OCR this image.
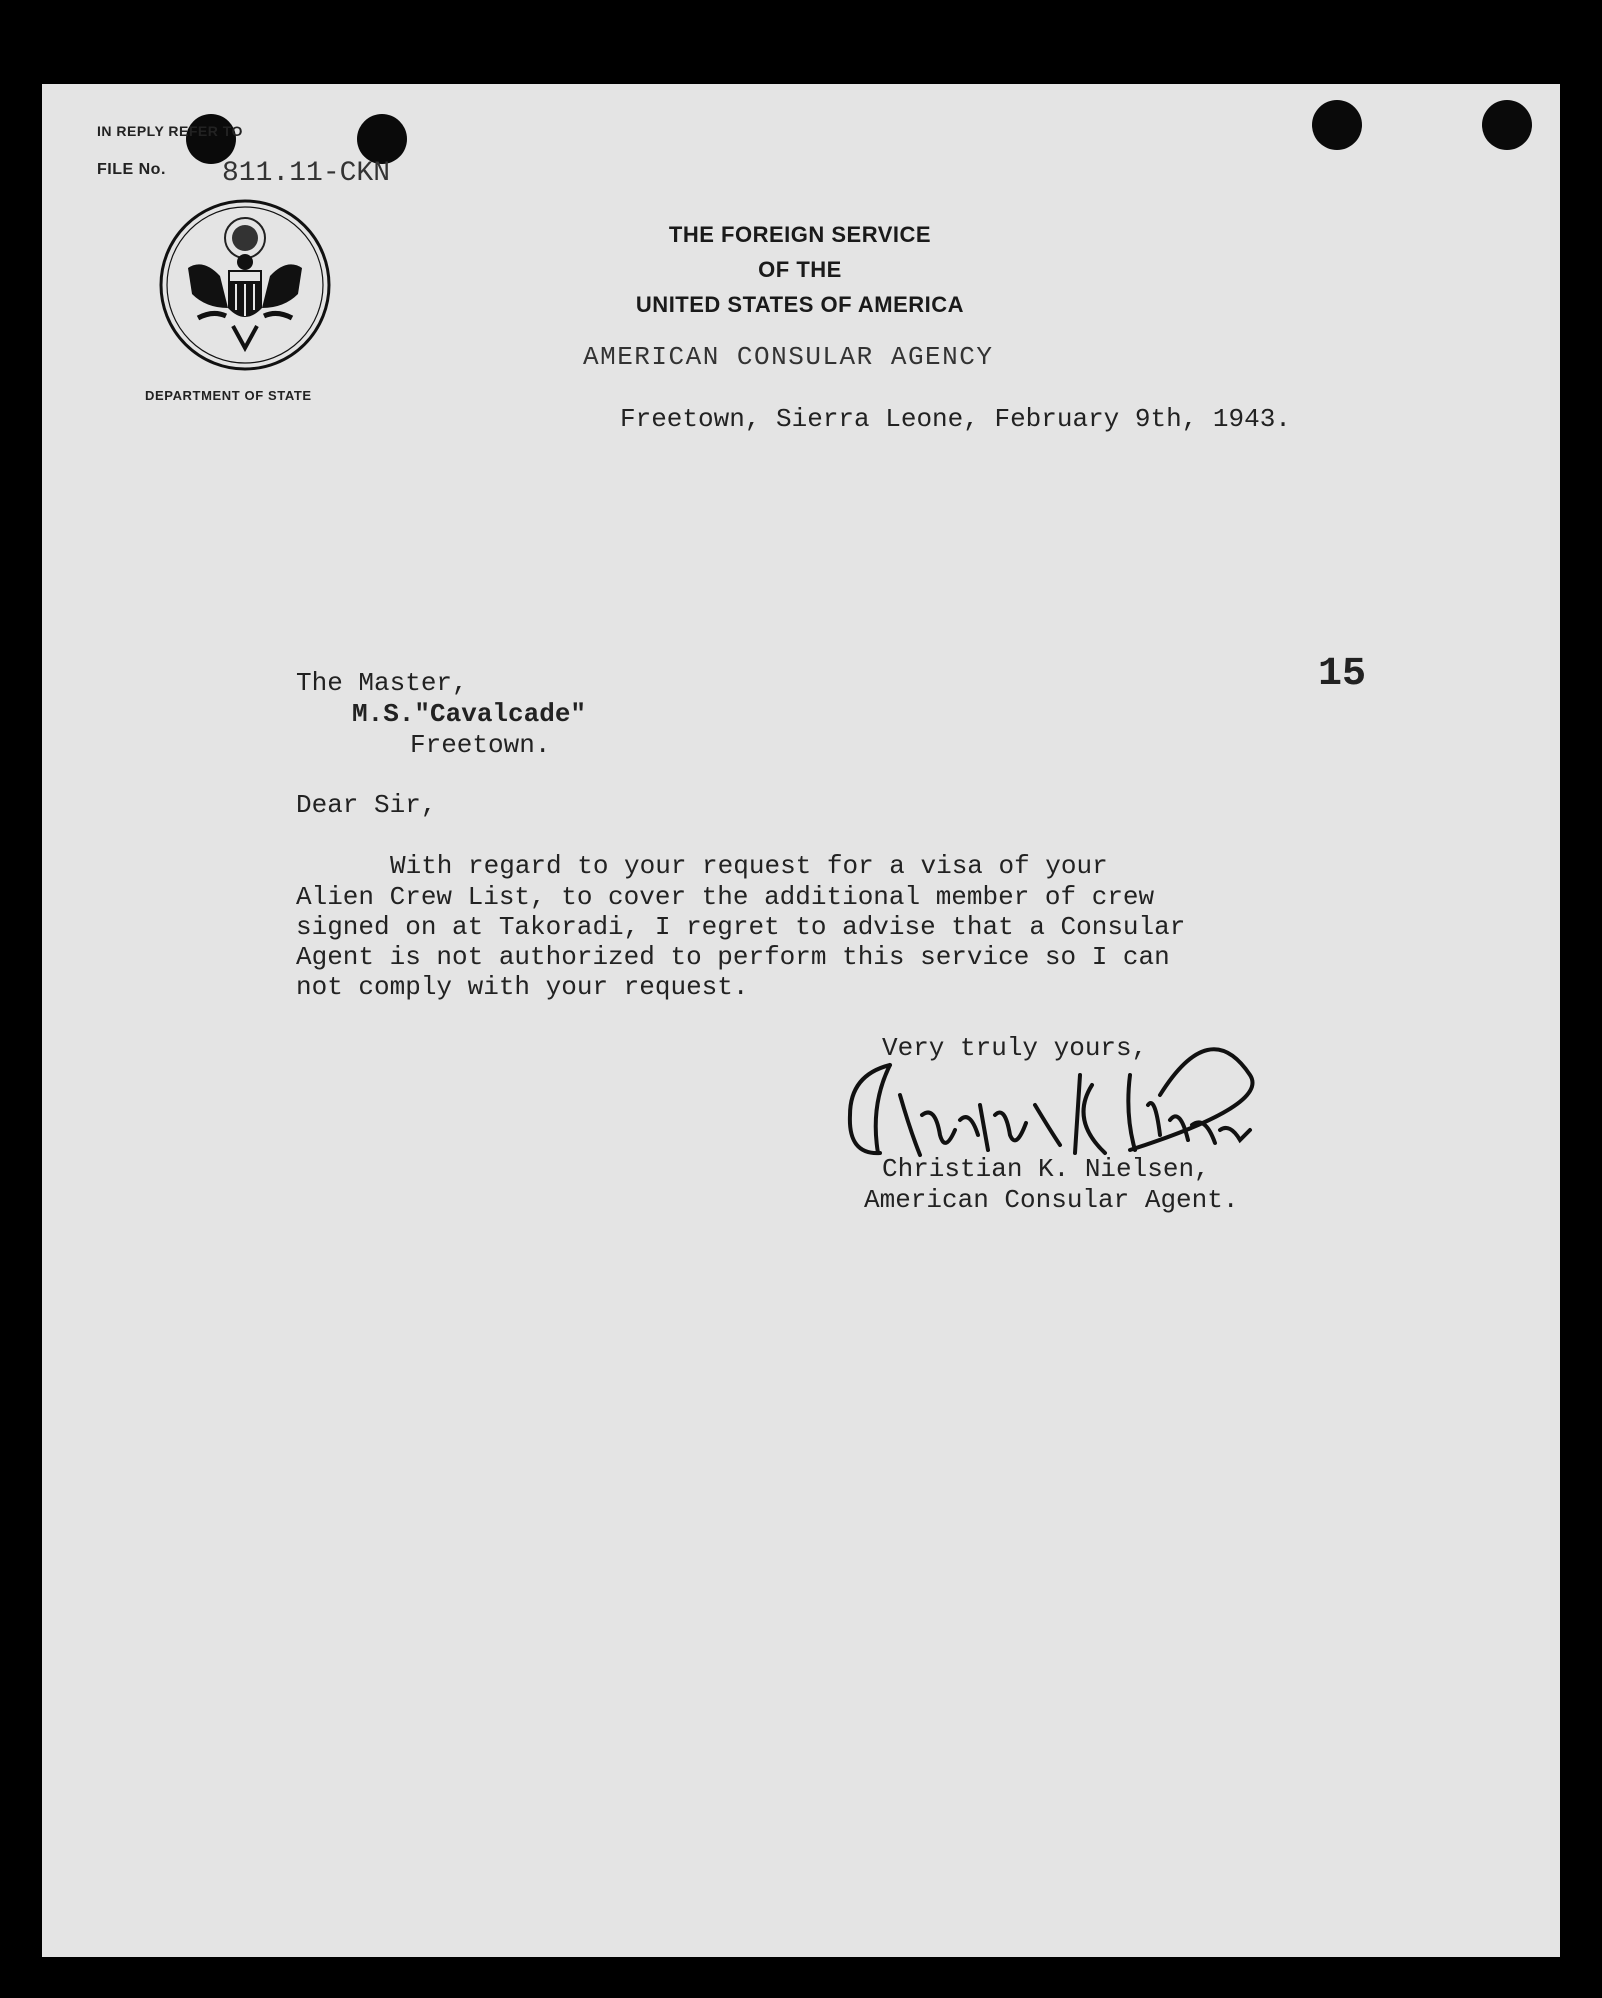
IN REPLY REFER TO
FILE No. 811.11-CKN
DEPARTMENT OF STATE
THE FOREIGN SERVICE
OF THE
UNITED STATES OF AMERICA
AMERICAN CONSULAR AGENCY
Freetown, Sierra Leone, February 9th, 1943.
15
The Master,
M.S."Cavalcade"
Freetown.
Dear Sir,
With regard to your request for a visa of your
Alien Crew List, to cover the additional member of crew
signed on at Takoradi, I regret to advise that a Consular
Agent is not authorized to perform this service so I can
not comply with your request.
Very truly yours,
Christian K. Nielsen,
American Consular Agent.
